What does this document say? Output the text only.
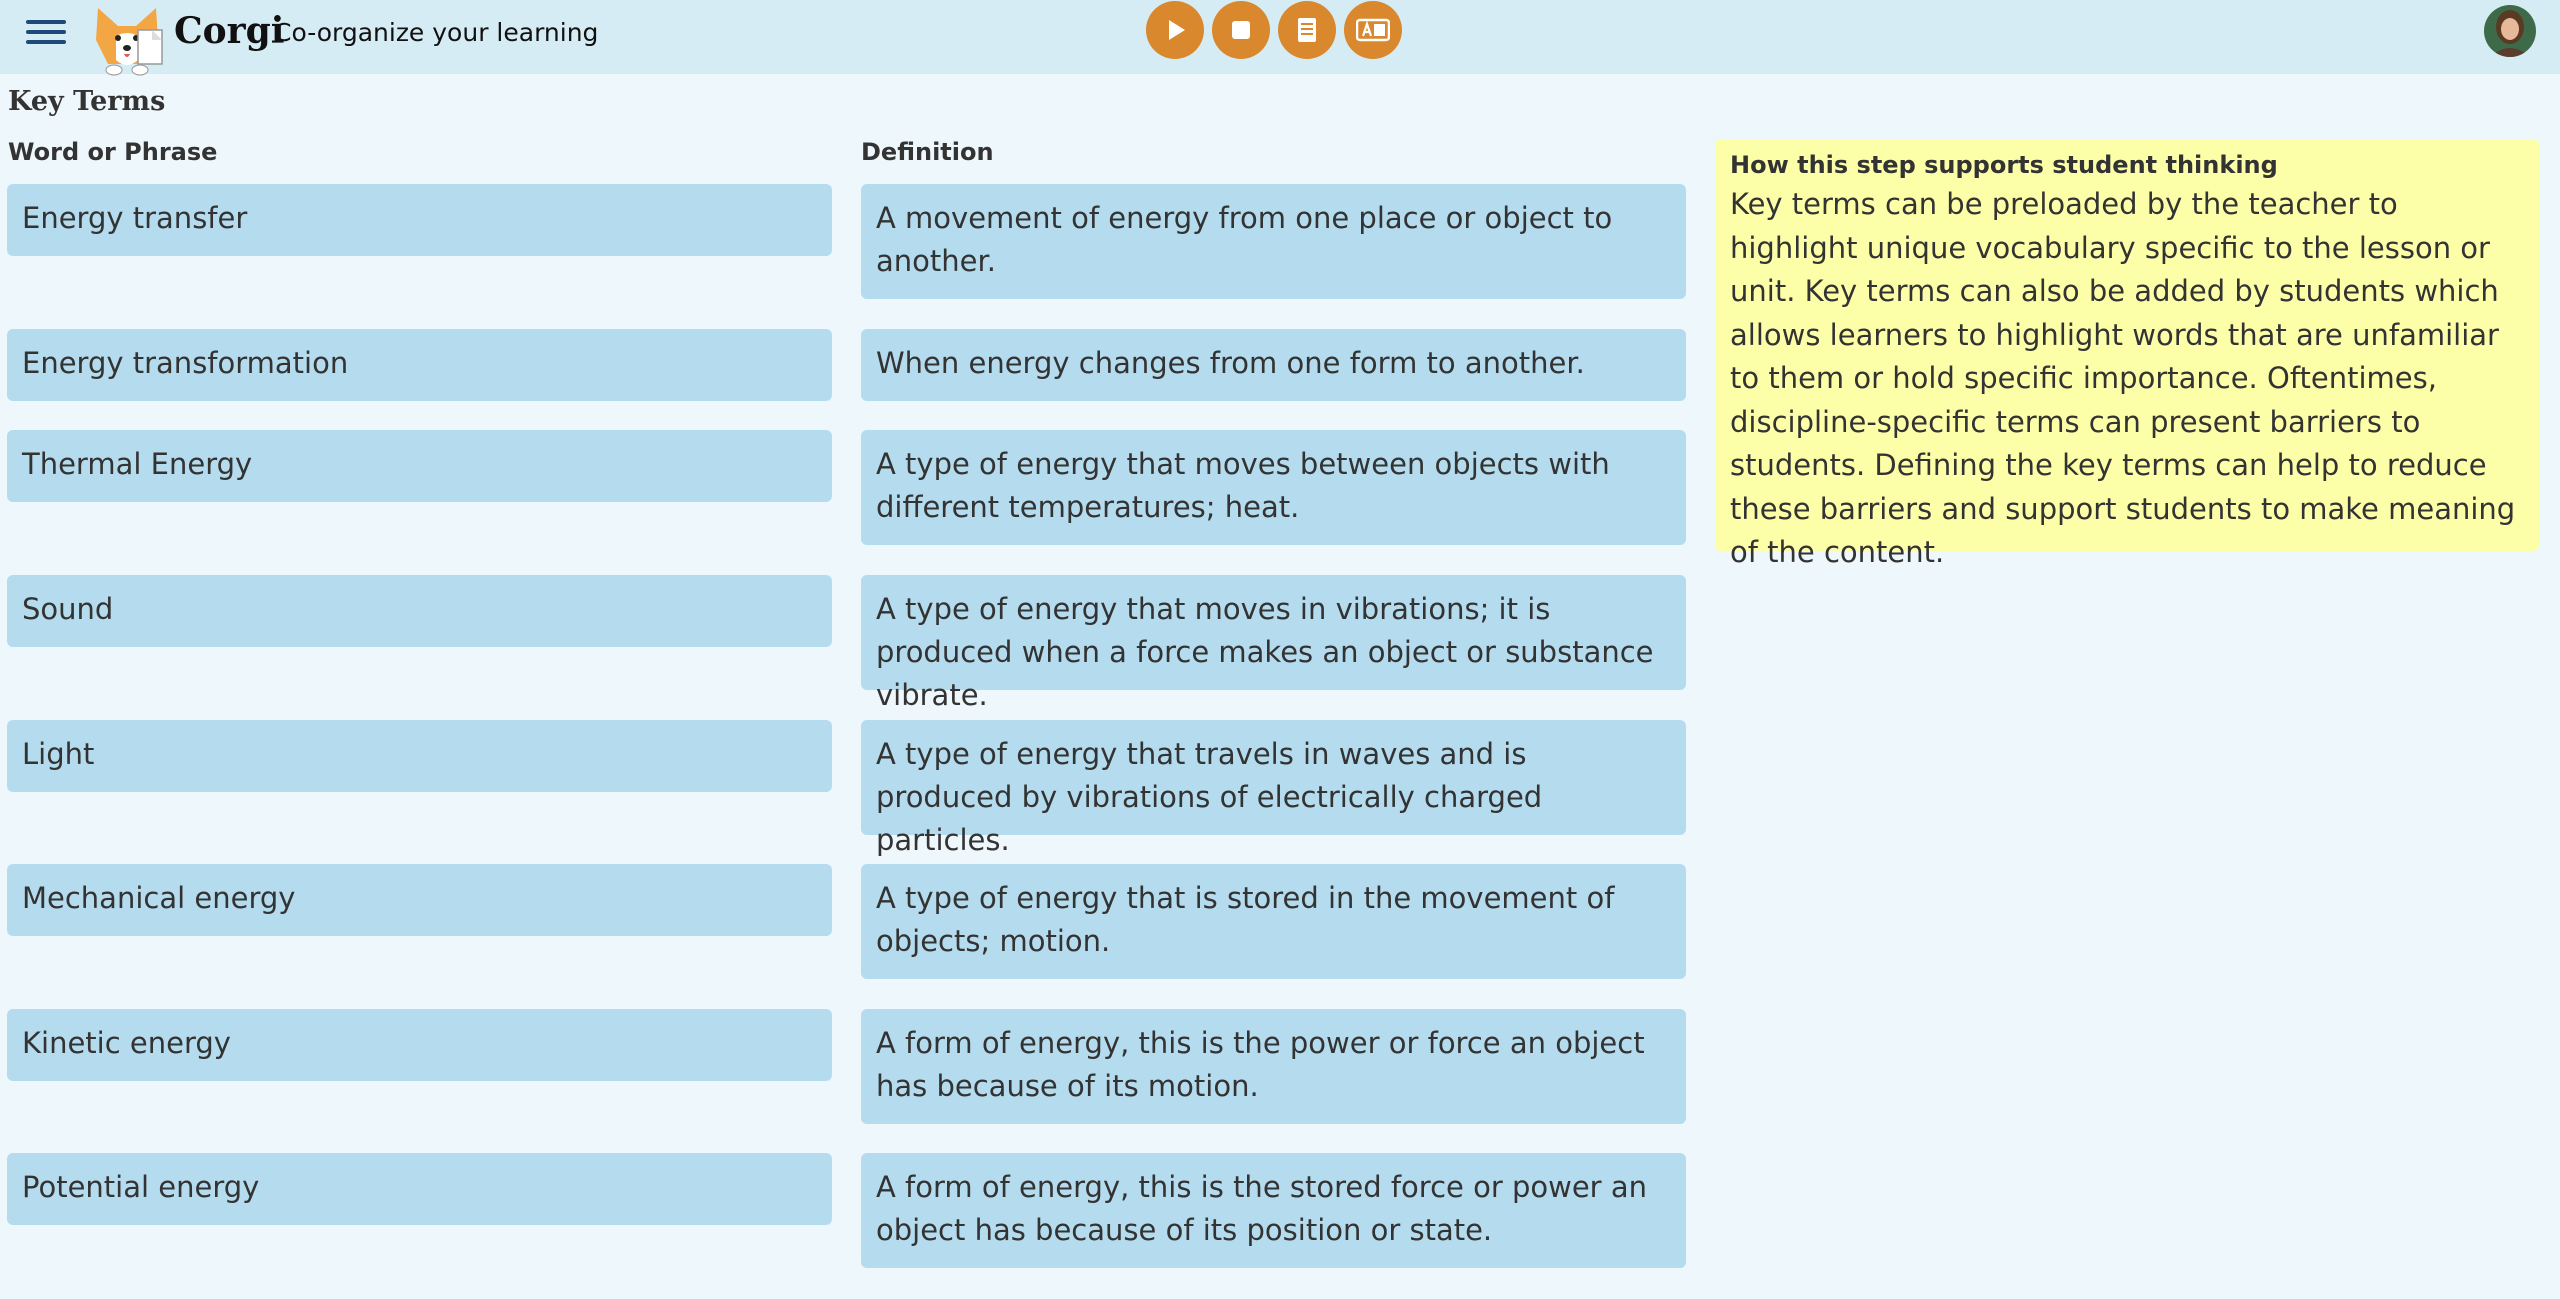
Corgi
Co-organize your learning
Key Terms
Word or Phrase	Definition
Energy transfer	A movement of energy from one place or object to another.
Energy transformation	When energy changes from one form to another.
Thermal Energy	A type of energy that moves between objects with different temperatures; heat.
Sound	A type of energy that moves in vibrations; it is produced when a force makes an object or substance vibrate.
Light	A type of energy that travels in waves and is produced by vibrations of electrically charged particles.
Mechanical energy	A type of energy that is stored in the movement of objects; motion.
Kinetic energy	A form of energy, this is the power or force an object has because of its motion.
Potential energy	A form of energy, this is the stored force or power an object has because of its position or state.
How this step supports student thinking
Key terms can be preloaded by the teacher to highlight unique vocabulary specific to the lesson or unit. Key terms can also be added by students which allows learners to highlight words that are unfamiliar to them or hold specific importance. Oftentimes, discipline-specific terms can present barriers to students. Defining the key terms can help to reduce these barriers and support students to make meaning of the content.
